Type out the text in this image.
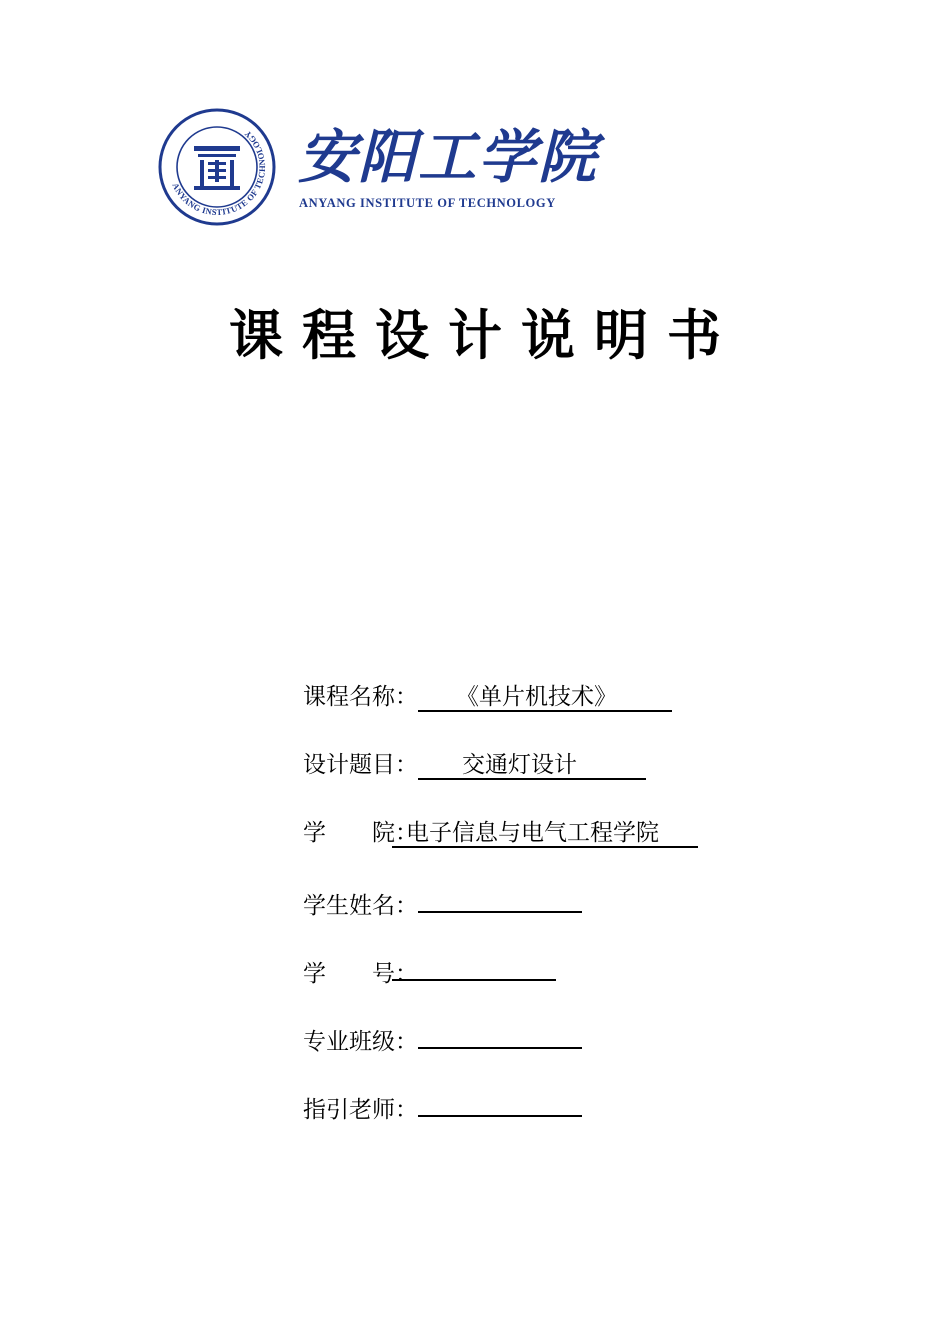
ANYANG INSTITUTE OF TECHNOLOGY 安阳工学院
ANYANG INSTITUTE OF TECHNOLOGY
课程设计说明书
课程名称： 《单片机技术》
设计题目： 交通灯设计
学　　院：电子信息与电气工程学院
学生姓名：
学　　号：
专业班级：
指引老师：
